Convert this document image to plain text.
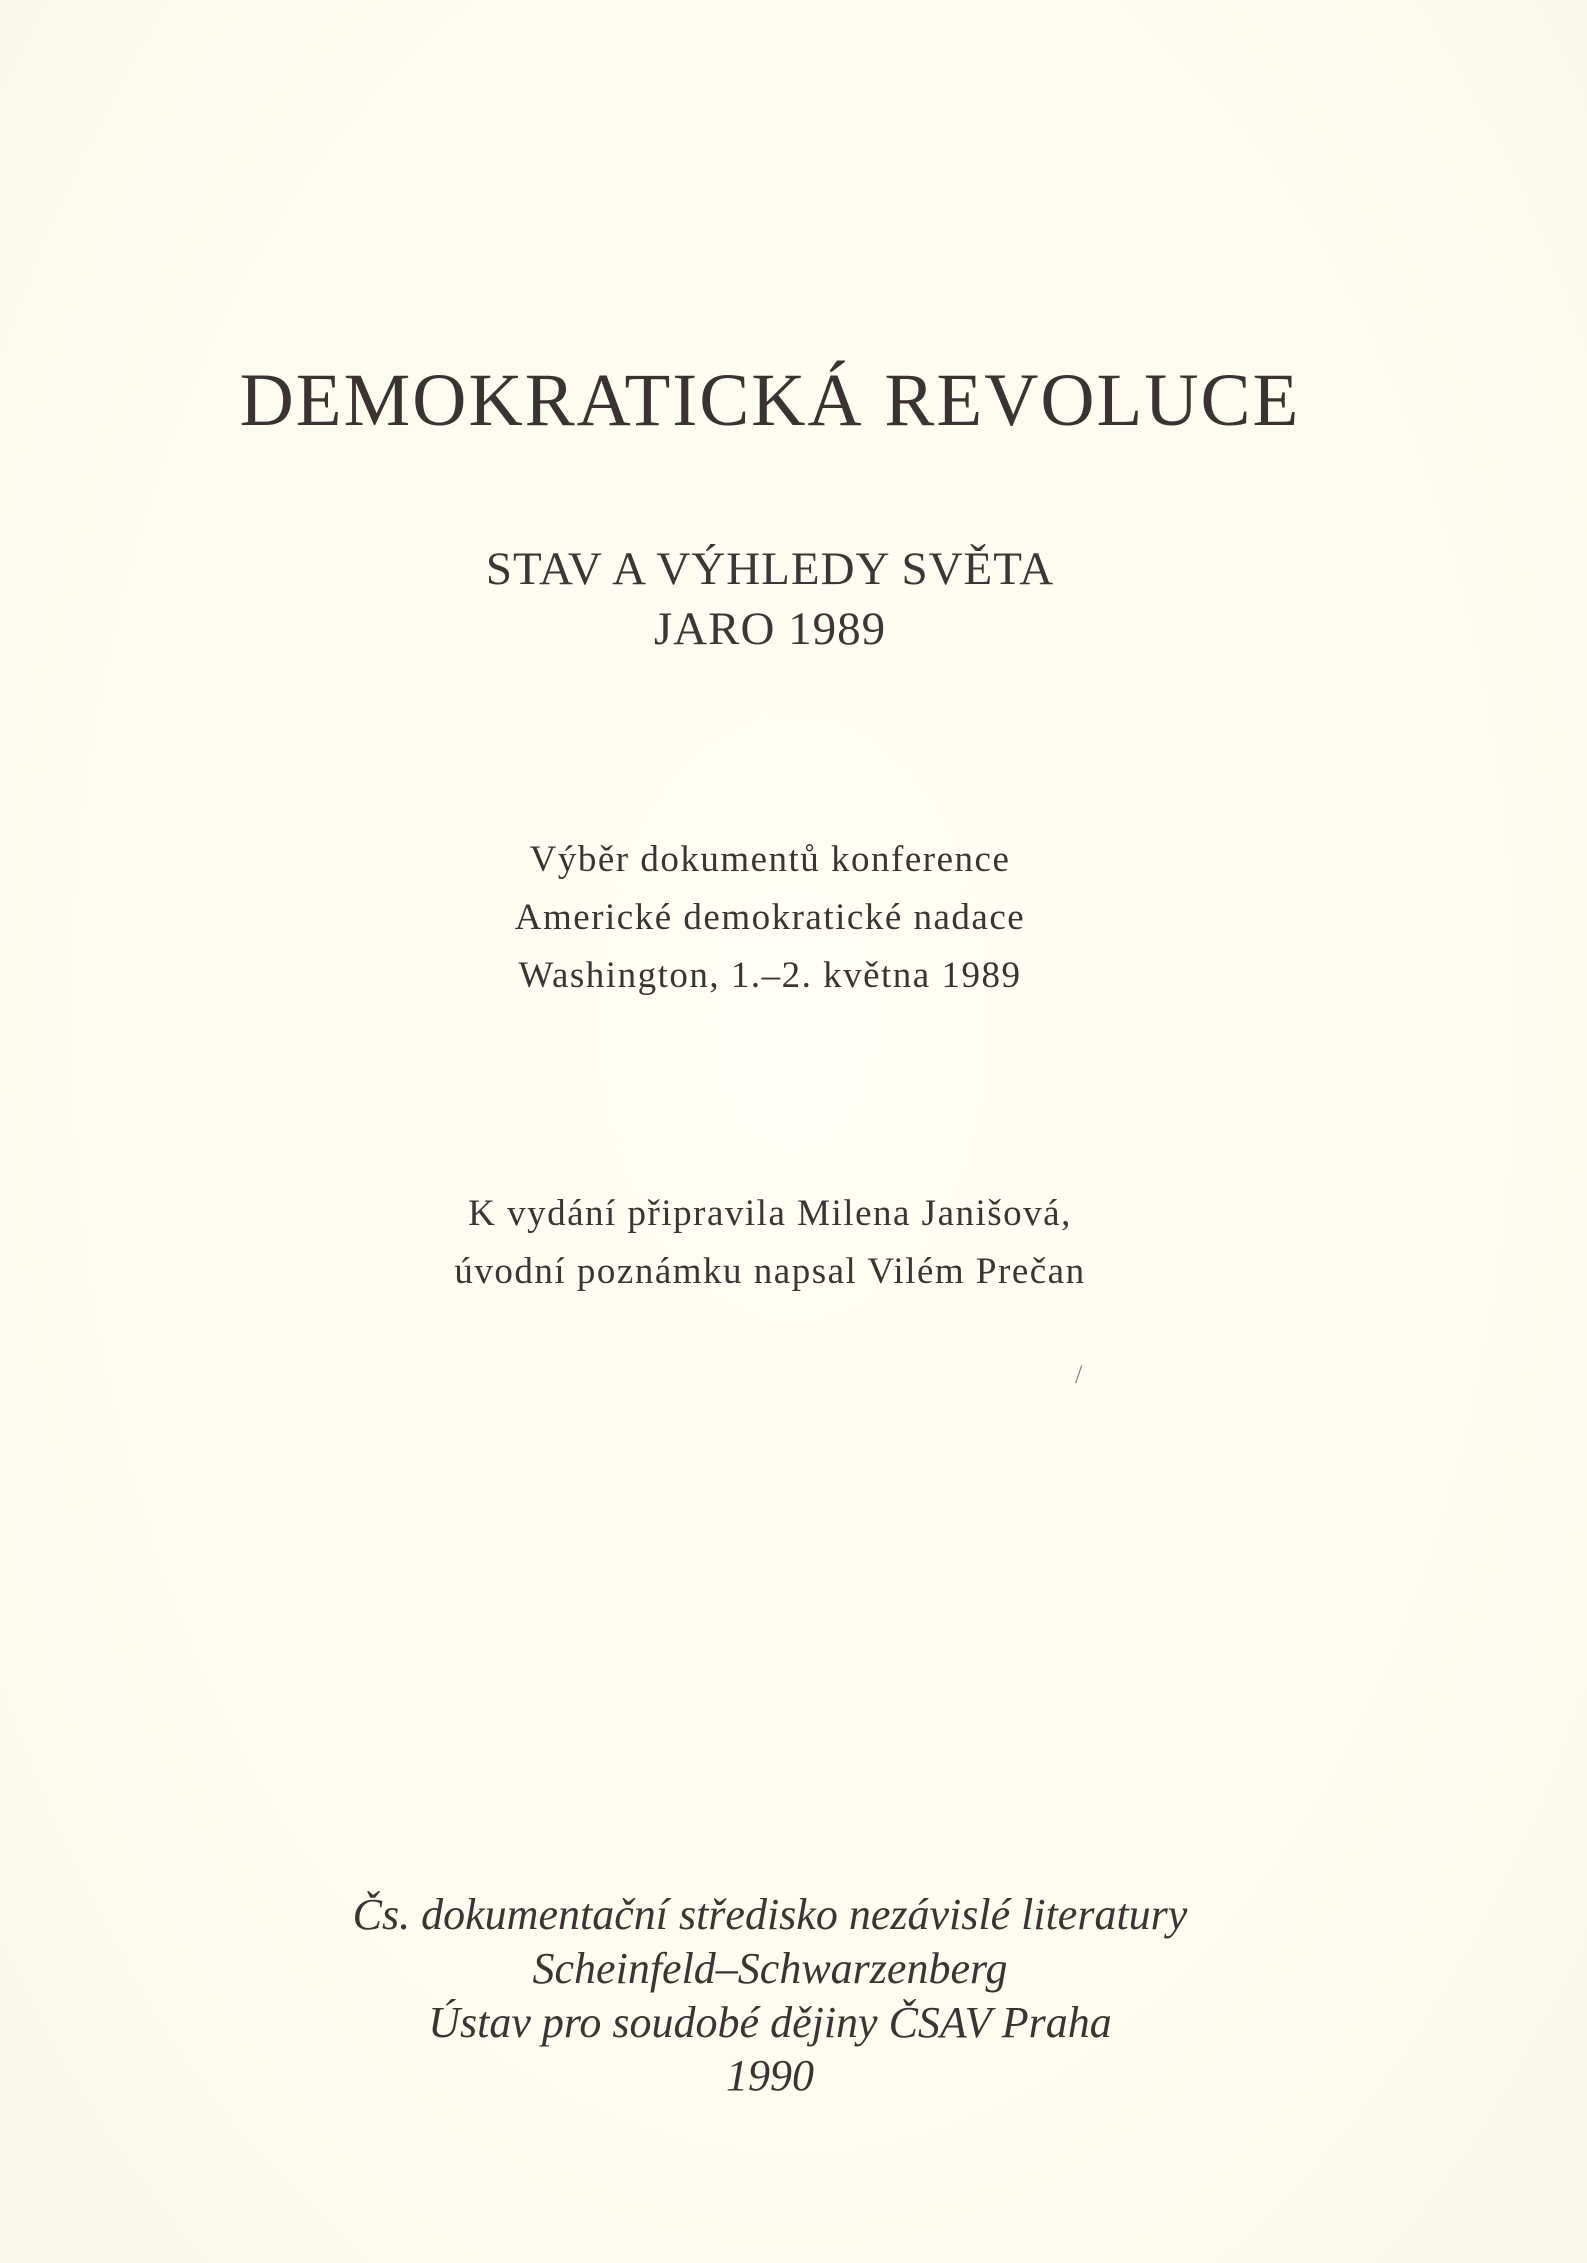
DEMOKRATICKÁ REVOLUCE
STAV A VÝHLEDY SVĚTA
JARO 1989
Výběr dokumentů konference
Americké demokratické nadace
Washington, 1.–2. května 1989
K vydání připravila Milena Janišová,
úvodní poznámku napsal Vilém Prečan
/
Čs. dokumentační středisko nezávislé literatury
Scheinfeld–Schwarzenberg
Ústav pro soudobé dějiny ČSAV Praha
1990
